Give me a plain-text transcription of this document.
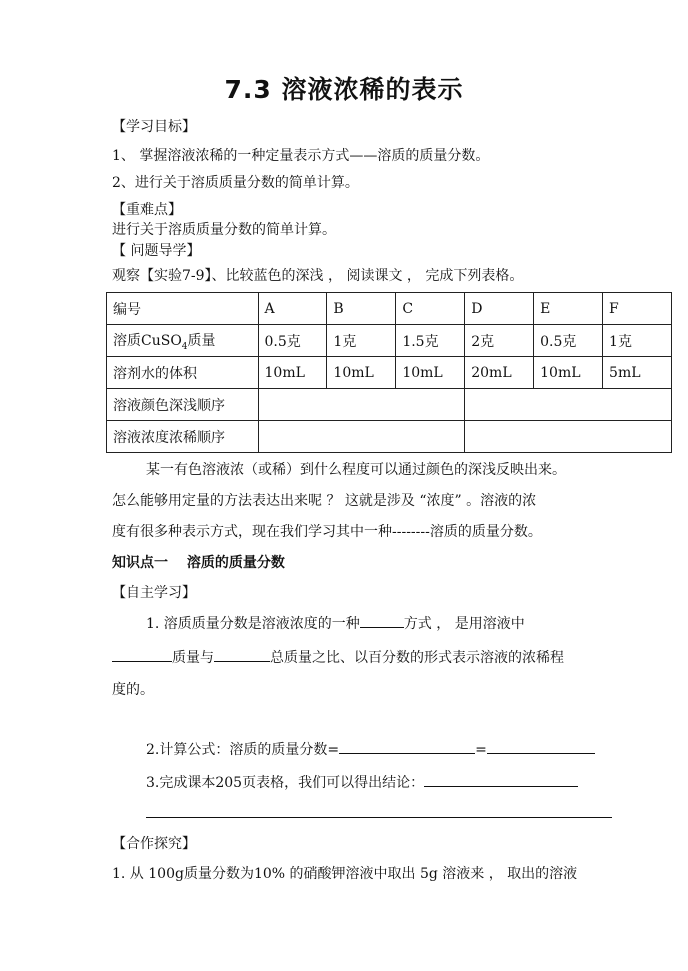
7.3 溶液浓稀的表示
【学习目标】
1、 掌握溶液浓稀的一种定量表示方式——溶质的质量分数。
2、进行关于溶质质量分数的简单计算。
【重难点】
进行关于溶质质量分数的简单计算。
【 问题导学】
观察【实验7-9】、比较蓝色的深浅 ， 阅读课文 ， 完成下列表格。
编号	A	B	C	D	E	F
溶质CuSO$_4$质量	0.5克	1克	1.5克	2克	0.5克	1克
溶剂水的体积	10mL	10mL	10mL	20mL	10mL	5mL
溶液颜色深浅顺序						
溶液浓度浓稀顺序						
某一有色溶液浓（或稀）到什么程度可以通过颜色的深浅反映出来。
怎么能够用定量的方法表达出来呢 ？ 这就是涉及 “浓度” 。溶液的浓
度有很多种表示方式，现在我们学习其中一种--------溶质的质量分数。
知识点一　 溶质的质量分数
【自主学习】
1. 溶质质量分数是溶液浓度的一种	方式 ， 是用溶液中
质量与	总质量之比、以百分数的形式表示溶液的浓稀程
度的。
2.计算公式：溶质的质量分数=	=
3.完成课本205页表格，我们可以得出结论：
【合作探究】
1. 从 100g质量分数为10% 的硝酸钾溶液中取出 5g 溶液来 ， 取出的溶液
